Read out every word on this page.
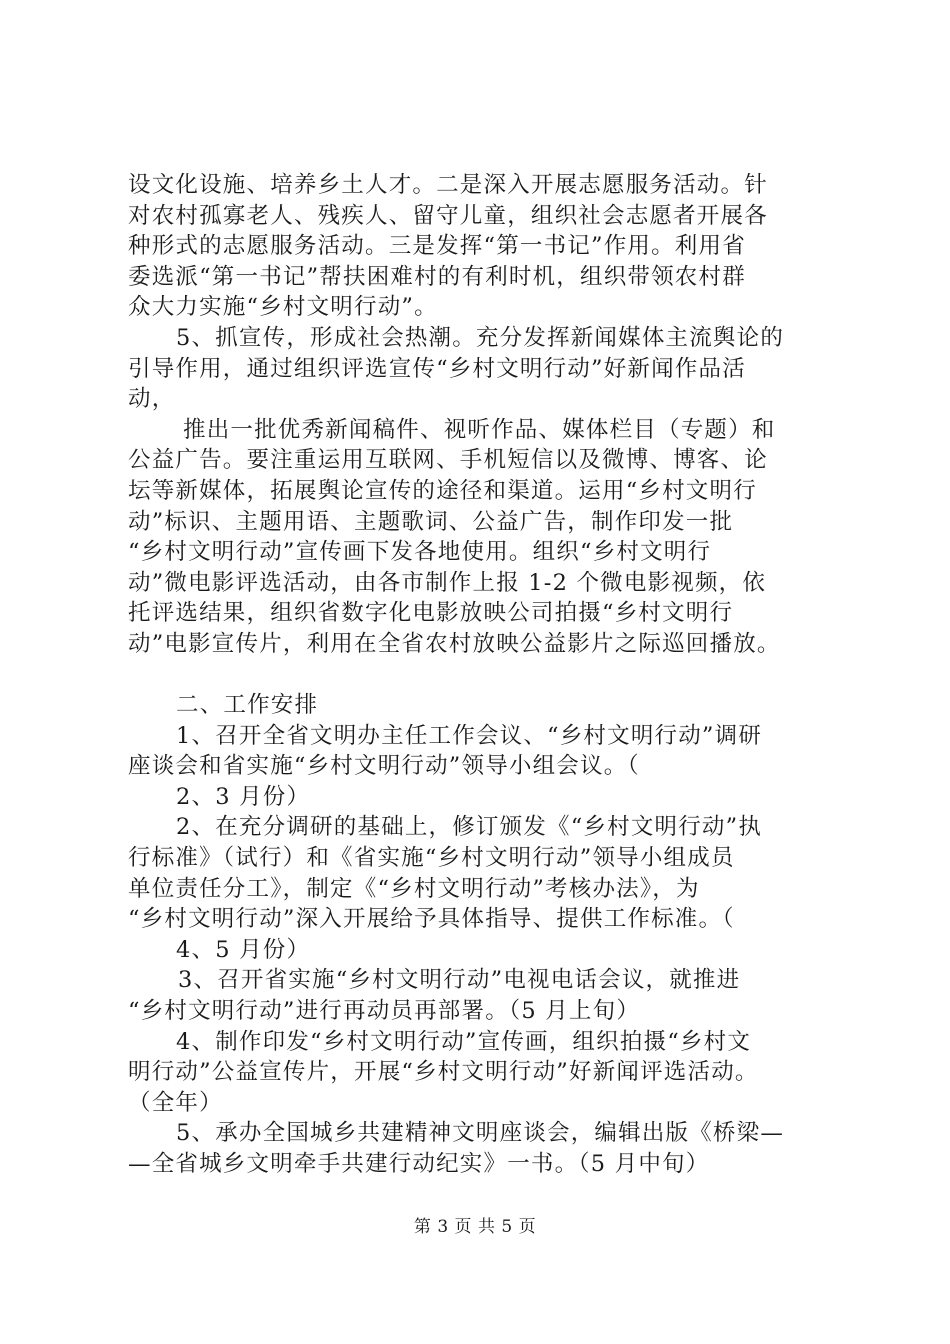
设文化设施、培养乡土人才。二是深入开展志愿服务活动。针
对农村孤寡老人、残疾人、留守儿童，组织社会志愿者开展各
种形式的志愿服务活动。三是发挥“第一书记”作用。利用省
委选派“第一书记”帮扶困难村的有利时机，组织带领农村群
众大力实施“乡村文明行动”。
5、抓宣传，形成社会热潮。充分发挥新闻媒体主流舆论的
引导作用，通过组织评选宣传“乡村文明行动”好新闻作品活
动，
推出一批优秀新闻稿件、视听作品、媒体栏目（专题）和
公益广告。要注重运用互联网、手机短信以及微博、博客、论
坛等新媒体，拓展舆论宣传的途径和渠道。运用“乡村文明行
动”标识、主题用语、主题歌词、公益广告，制作印发一批
“乡村文明行动”宣传画下发各地使用。组织“乡村文明行
动”微电影评选活动，由各市制作上报 1-2 个微电影视频，依
托评选结果，组织省数字化电影放映公司拍摄“乡村文明行
动”电影宣传片，利用在全省农村放映公益影片之际巡回播放。
二、工作安排
1、召开全省文明办主任工作会议、“乡村文明行动”调研
座谈会和省实施“乡村文明行动”领导小组会议。（
2、3 月份）
2、在充分调研的基础上，修订颁发《“乡村文明行动”执
行标准》（试行）和《省实施“乡村文明行动”领导小组成员
单位责任分工》，制定《“乡村文明行动”考核办法》，为
“乡村文明行动”深入开展给予具体指导、提供工作标准。（
4、5 月份）
3、召开省实施“乡村文明行动”电视电话会议，就推进
“乡村文明行动”进行再动员再部署。（5 月上旬）
4、制作印发“乡村文明行动”宣传画，组织拍摄“乡村文
明行动”公益宣传片，开展“乡村文明行动”好新闻评选活动。
（全年）
5、承办全国城乡共建精神文明座谈会，编辑出版《桥梁—
—全省城乡文明牵手共建行动纪实》一书。（5 月中旬）
第 3 页 共 5 页
